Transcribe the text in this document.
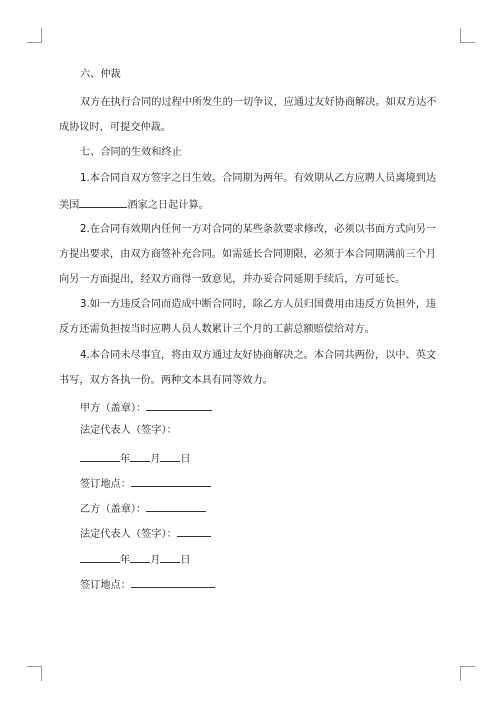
六、仲裁
双方在执行合同的过程中所发生的一切争议，应通过友好协商解决。如双方达不
成协议时，可提交仲裁。
七、合同的生效和终止
1.本合同自双方签字之日生效。合同期为两年。有效期从乙方应聘人员离境到达
美国	酒家之日起计算。
2.在合同有效期内任何一方对合同的某些条款要求修改，必须以书面方式向另一
方提出要求，由双方商签补充合同。如需延长合同期限，必须于本合同期满前三个月
向另一方面提出，经双方商得一致意见，并办妥合同延期手续后，方可延长。
3.如一方违反合同而造成中断合同时，除乙方人员归国费用由违反方负担外，违
反方还需负担按当时应聘人员人数累计三个月的工薪总额赔偿给对方。
4.本合同未尽事宜，将由双方通过友好协商解决之。本合同共两份，以中、英文
书写，双方各执一份。两种文本具有同等效力。
甲方（盖章）：
法定代表人（签字）：
年 月 日
签订地点：
乙方（盖章）：
法定代表人（签字）：
年 月 日
签订地点：
